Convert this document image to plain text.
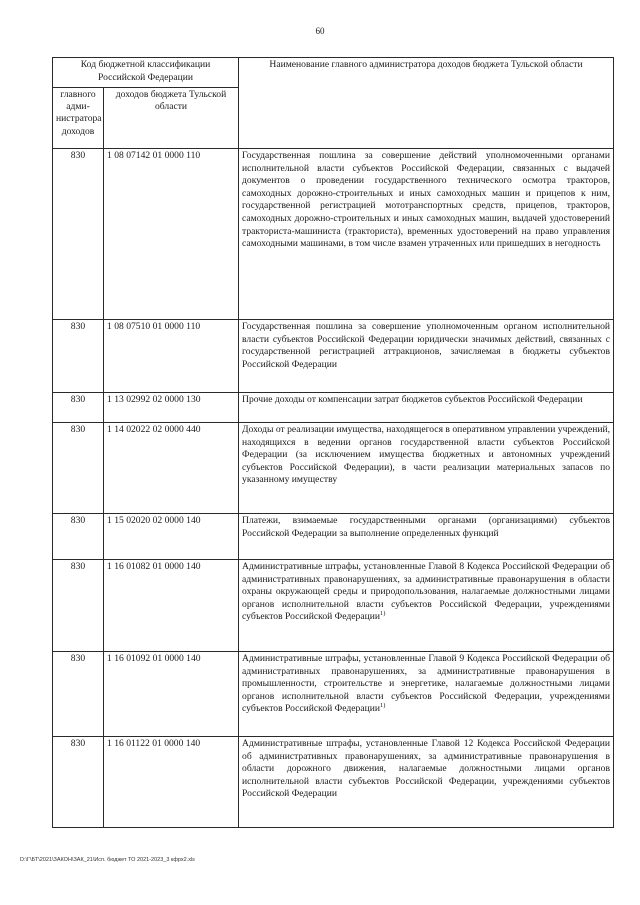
60
Код бюджетной классификации Российской Федерации		Наименование главного администратора доходов бюджета Тульской области
главного адми-нистратора доходов	доходов бюджета Тульской области	
830	1 08 07142 01 0000 110	Государственная пошлина за совершение действий уполномоченными органами исполнительной власти субъектов Российской Федерации, связанных с выдачей документов о проведении государственного технического осмотра тракторов, самоходных дорожно-строительных и иных самоходных машин и прицепов к ним, государственной регистрацией мототранспортных средств, прицепов, тракторов, самоходных дорожно-строительных и иных самоходных машин, выдачей удостоверений тракториста-машиниста (тракториста), временных удостоверений на право управления самоходными машинами, в том числе взамен утраченных или пришедших в негодность
830	1 08 07510 01 0000 110	Государственная пошлина за совершение уполномоченным органом исполнительной власти субъектов Российской Федерации юридически значимых действий, связанных с государственной регистрацией аттракционов, зачисляемая в бюджеты субъектов Российской Федерации
830	1 13 02992 02 0000 130	Прочие доходы от компенсации затрат бюджетов субъектов Российской Федерации
830	1 14 02022 02 0000 440	Доходы от реализации имущества, находящегося в оперативном управлении учреждений, находящихся в ведении органов государственной власти субъектов Российской Федерации (за исключением имущества бюджетных и автономных учреждений субъектов Российской Федерации), в части реализации материальных запасов по указанному имуществу
830	1 15 02020 02 0000 140	Платежи, взимаемые государственными органами (организациями) субъектов Российской Федерации за выполнение определенных функций
830	1 16 01082 01 0000 140	Административные штрафы, установленные Главой 8 Кодекса Российской Федерации об административных правонарушениях, за административные правонарушения в области охраны окружающей среды и природопользования, налагаемые должностными лицами органов исполнительной власти субъектов Российской Федерации, учреждениями субъектов Российской Федерации$^{1)}$
830	1 16 01092 01 0000 140	Административные штрафы, установленные Главой 9 Кодекса Российской Федерации об административных правонарушениях, за административные правонарушения в промышленности, строительстве и энергетике, налагаемые должностными лицами органов исполнительной власти субъектов Российской Федерации, учреждениями субъектов Российской Федерации$^{1)}$
830	1 16 01122 01 0000 140	Административные штрафы, установленные Главой 12 Кодекса Российской Федерации об административных правонарушениях, за административные правонарушения в области дорожного движения, налагаемые должностными лицами органов исполнительной власти субъектов Российской Федерации, учреждениями субъектов Российской Федерации
D:\Г\БТ\2021\ЗАКОН\ЗАК_21\Исп. бюджет ТО 2021-2023_3 кфрх2.xls
